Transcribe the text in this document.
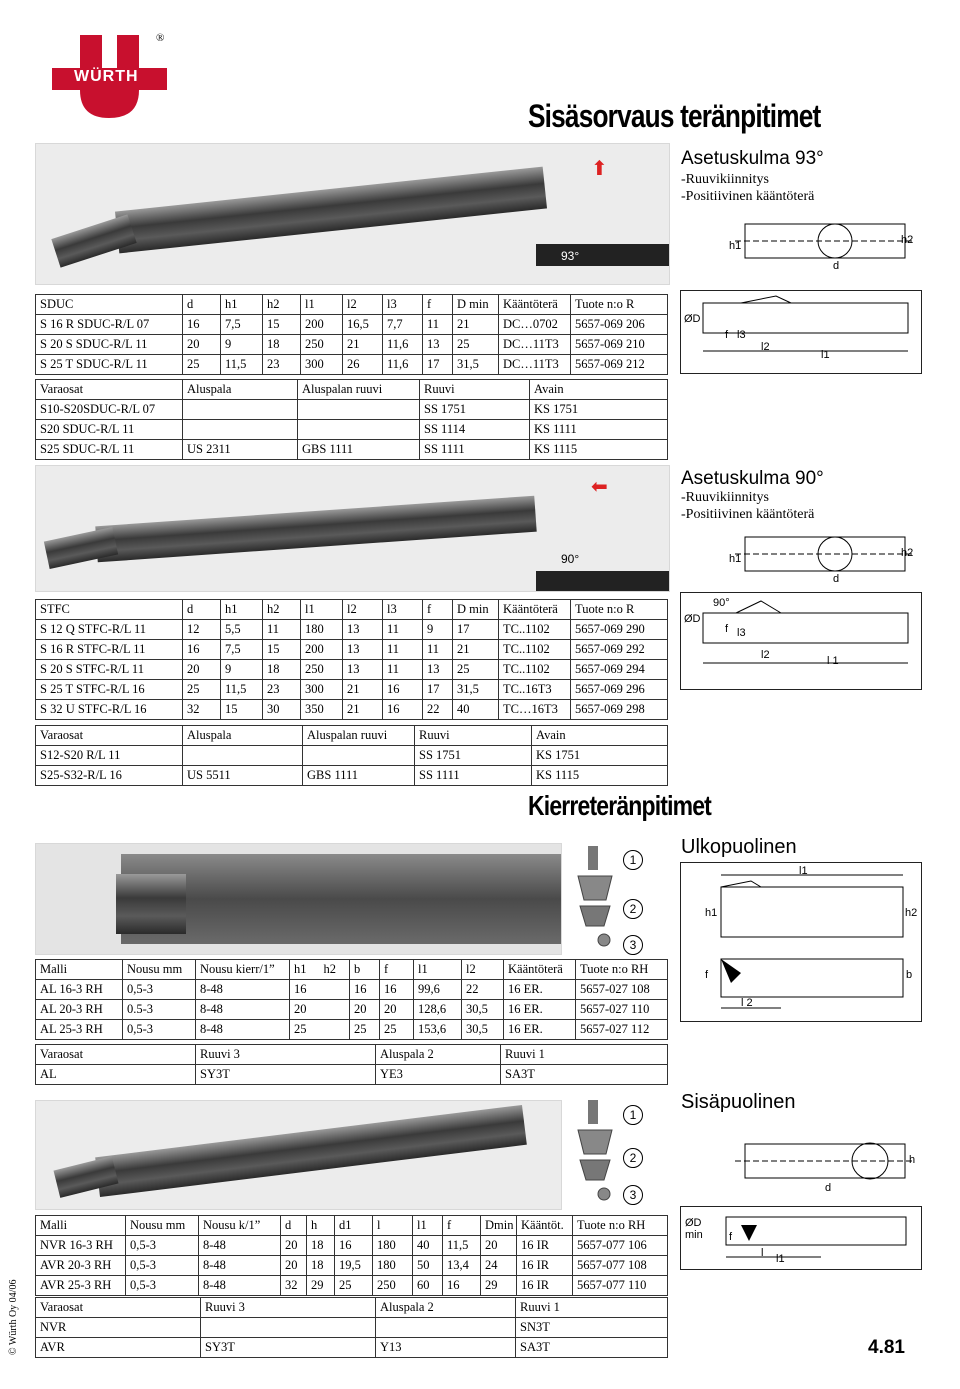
WÜRTH
®
Sisäsorvaus teränpitimet
93°
⬆	Asetuskulma 93°
-Ruuvikiinnitys
-Positiivinen kääntöterä
h1	h2
d
SDUC	d	h1	h2	l1	l2	l3	f	D min	Kääntöterä	Tuote n:o R
S 16 R SDUC-R/L 07	16	7,5	15	200	16,5	7,7	11	21	DC…0702	5657-069 206
S 20 S SDUC-R/L 11	20	9	18	250	21	11,6	13	25	DC…11T3	5657-069 210
S 25 T SDUC-R/L 11	25	11,5	23	300	26	11,6	17	31,5	DC…11T3	5657-069 212
ØD
f l3
l2
l1
Varaosat	Aluspala	Aluspalan ruuvi	Ruuvi	Avain
S10-S20SDUC-R/L 07			SS 1751	KS 1751
S20 SDUC-R/L 11			SS 1114	KS 1111
S25 SDUC-R/L 11	US 2311	GBS 1111	SS 1111	KS 1115
90°
⬅	Asetuskulma 90°
-Ruuvikiinnitys
-Positiivinen kääntöterä
h1	h2
d
STFC	d	h1	h2	l1	l2	l3	f	D min	Kääntöterä	Tuote n:o R
S 12 Q STFC-R/L 11	12	5,5	11	180	13	11	9	17	TC..1102	5657-069 290
S 16 R STFC-R/L 11	16	7,5	15	200	13	11	11	21	TC..1102	5657-069 292
S 20 S STFC-R/L 11	20	9	18	250	13	11	13	25	TC..1102	5657-069 294
S 25 T STFC-R/L 16	25	11,5	23	300	21	16	17	31,5	TC..16T3	5657-069 296
S 32 U STFC-R/L 16	32	15	30	350	21	16	22	40	TC…16T3	5657-069 298
90°
ØD
f l3
l2	l 1
Varaosat	Aluspala	Aluspalan ruuvi	Ruuvi	Avain
S12-S20 R/L 11			SS 1751	KS 1751
S25-S32-R/L 16	US 5511	GBS 1111	SS 1111	KS 1115
Kierreteränpitimet
Ulkopuolinen
1
2
3
l1
h1	h2
f	b
l 2
Malli	Nousu mm	Nousu kierr/1”	h1	h2	b	f	l1	l2	Kääntöterä	Tuote n:o RH
AL 16-3 RH	0,5-3	8-48	16		16	16	99,6	22	16 ER.	5657-027 108
AL 20-3 RH	0.5-3	8-48	20		20	20	128,6	30,5	16 ER.	5657-027 110
AL 25-3 RH	0,5-3	8-48	25		25	25	153,6	30,5	16 ER.	5657-027 112
Varaosat	Ruuvi 3	Aluspala 2	Ruuvi 1
AL	SY3T	YE3	SA3T
Sisäpuolinen
1
2
3
h
d
ØD min	f
l l1
Malli	Nousu mm	Nousu k/1”	d	h	d1	l	l1	f	Dmin	Kääntöt.	Tuote n:o RH
NVR 16-3 RH	0,5-3	8-48	20	18	16	180	40	11,5	20	16 IR	5657-077 106
AVR 20-3 RH	0,5-3	8-48	20	18	19,5	180	50	13,4	24	16 IR	5657-077 108
AVR 25-3 RH	0,5-3	8-48	32	29	25	250	60	16	29	16 IR	5657-077 110
Varaosat	Ruuvi 3	Aluspala 2	Ruuvi 1
NVR			SN3T
AVR	SY3T	Y13	SA3T
© Würth Oy 04/06	4.81
